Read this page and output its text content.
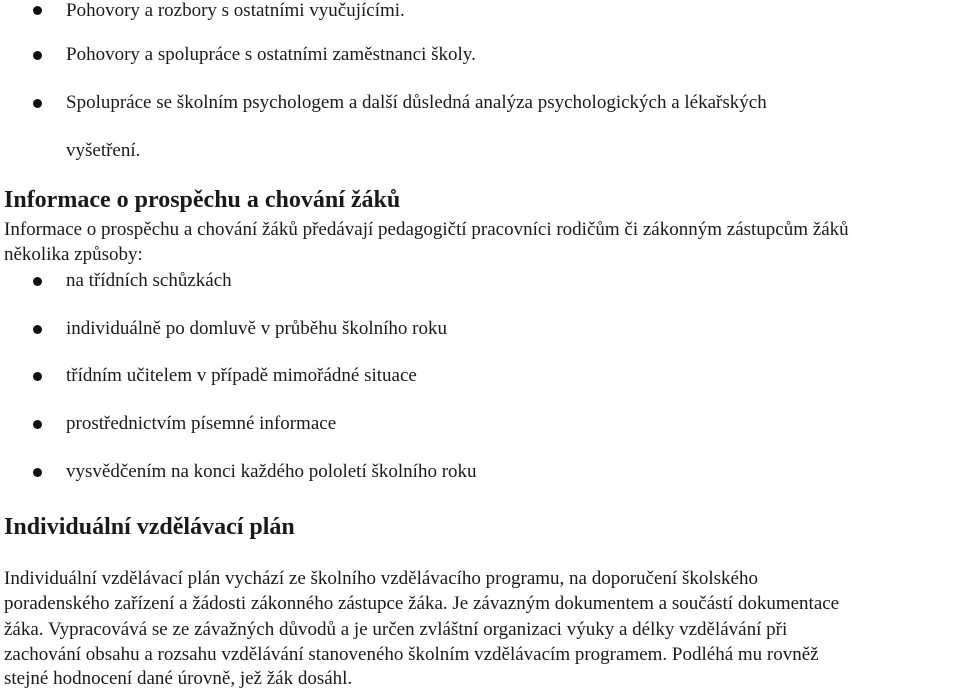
Pohovory a rozbory s ostatními vyučujícími.
Pohovory a spolupráce s ostatními zaměstnanci školy.
Spolupráce se školním psychologem a další důsledná analýza psychologických a lékařských
vyšetření.
Informace o prospěchu a chování žáků
Informace o prospěchu a chování žáků předávají pedagogičtí pracovníci rodičům či zákonným zástupcům žáků
několika způsoby:
na třídních schůzkách
individuálně po domluvě v průběhu školního roku
třídním učitelem v případě mimořádné situace
prostřednictvím písemné informace
vysvědčením na konci každého pololetí školního roku
Individuální vzdělávací plán
Individuální vzdělávací plán vychází ze školního vzdělávacího programu, na doporučení školského
poradenského zařízení a žádosti zákonného zástupce žáka. Je závazným dokumentem a součástí dokumentace
žáka. Vypracovává se ze závažných důvodů a je určen zvláštní organizaci výuky a délky vzdělávání při
zachování obsahu a rozsahu vzdělávání stanoveného školním vzdělávacím programem. Podléhá mu rovněž
stejné hodnocení dané úrovně, jež žák dosáhl.
